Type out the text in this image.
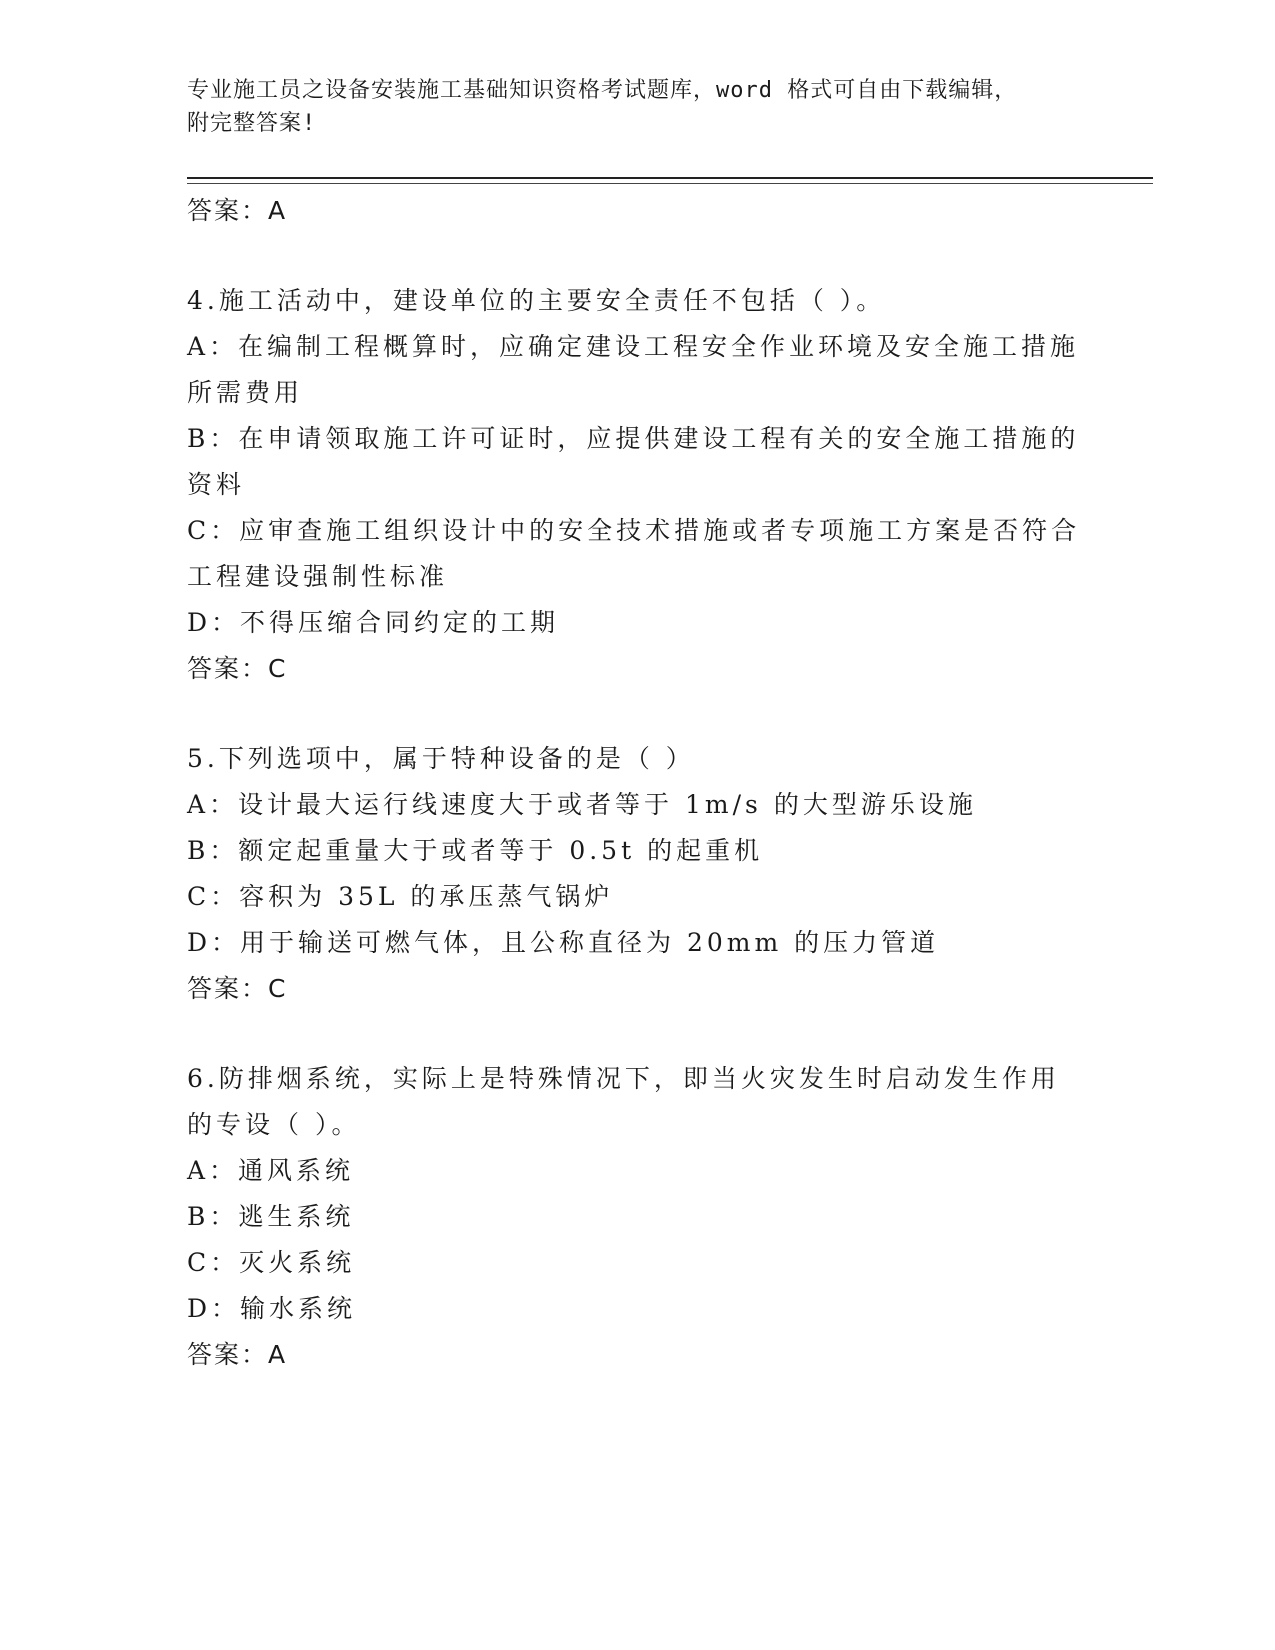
专业施工员之设备安装施工基础知识资格考试题库，word 格式可自由下载编辑，
附完整答案!

答案：A

4.施工活动中，建设单位的主要安全责任不包括（ ）。

A：在编制工程概算时，应确定建设工程安全作业环境及安全施工措施

所需费用

B：在申请领取施工许可证时，应提供建设工程有关的安全施工措施的

资料

C：应审查施工组织设计中的安全技术措施或者专项施工方案是否符合

工程建设强制性标准

D：不得压缩合同约定的工期

答案：C

5.下列选项中，属于特种设备的是（ ）

A：设计最大运行线速度大于或者等于 1m/s 的大型游乐设施

B：额定起重量大于或者等于 0.5t 的起重机

C：容积为 35L 的承压蒸气锅炉

D：用于输送可燃气体，且公称直径为 20mm 的压力管道

答案：C

6.防排烟系统，实际上是特殊情况下，即当火灾发生时启动发生作用

的专设（ ）。

A：通风系统

B：逃生系统

C：灭火系统

D：输水系统

答案：A
